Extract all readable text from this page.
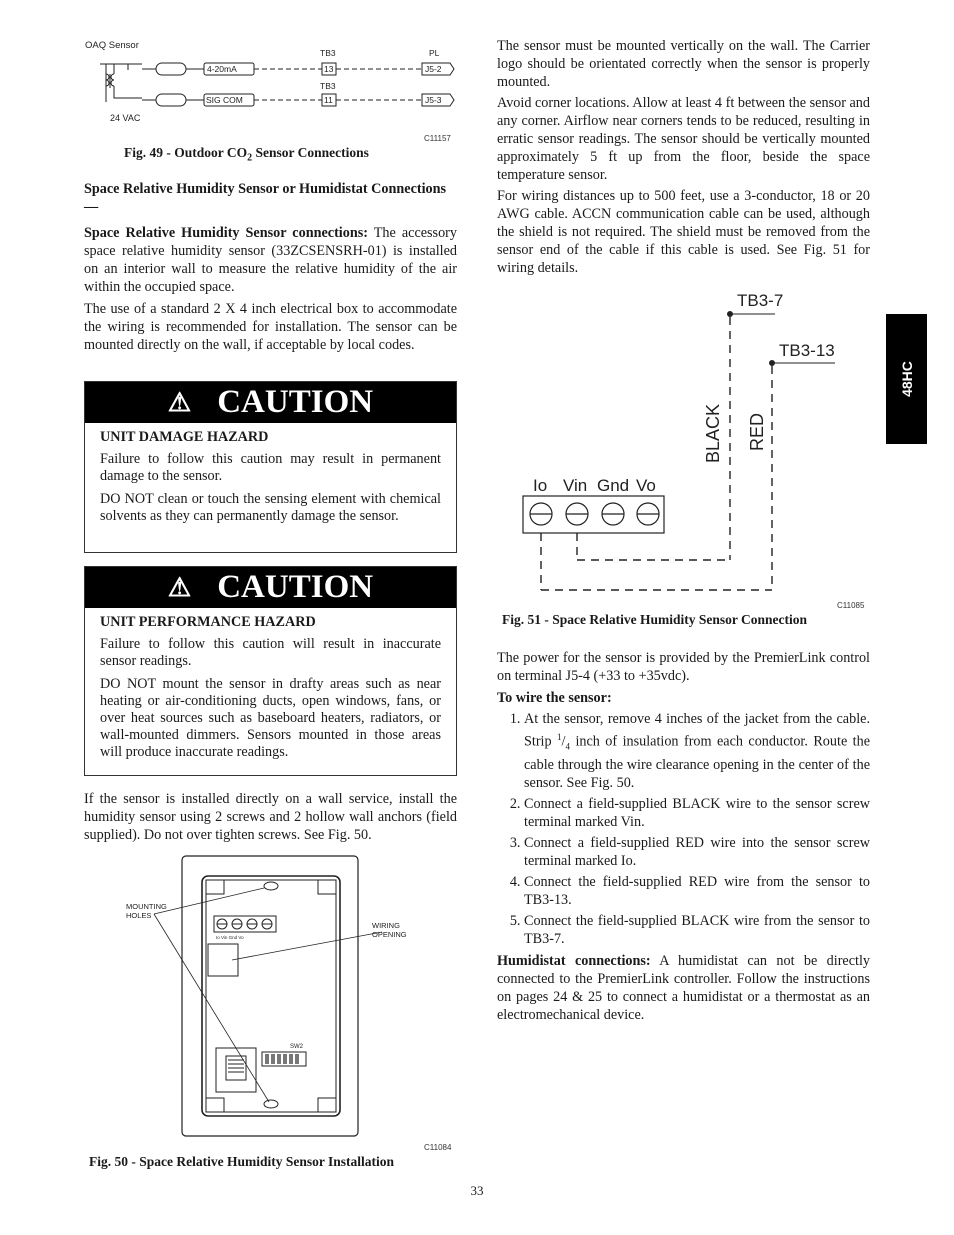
OAQ Sensor
24 VAC
TB3
TB3
PL
4-20mA
SIG COM
13
11
J5-2
J5-3
C11157
Fig. 49 - Outdoor $CO_2$ Sensor Connections

Space Relative Humidity Sensor or Humidistat Connections —

Space Relative Humidity Sensor connections: The accessory space relative humidity sensor (33ZCSENSRH-01) is installed on an interior wall to measure the relative humidity of the air within the occupied space.

The use of a standard 2 X 4 inch electrical box to accommodate the wiring is recommended for installation. The sensor can be mounted directly on the wall, if acceptable by local codes.

⚠ CAUTION
UNIT DAMAGE HAZARD

Failure to follow this caution may result in permanent damage to the sensor.

DO NOT clean or touch the sensing element with chemical solvents as they can permanently damage the sensor.

⚠ CAUTION
UNIT PERFORMANCE HAZARD

Failure to follow this caution will result in inaccurate sensor readings.

DO NOT mount the sensor in drafty areas such as near heating or air-conditioning ducts, open windows, fans, or over heat sources such as baseboard heaters, radiators, or wall-mounted dimmers. Sensors mounted in those areas will produce inaccurate readings.

If the sensor is installed directly on a wall service, install the humidity sensor using 2 screws and 2 hollow wall anchors (field supplied). Do not over tighten screws. See Fig. 50.

Io Vin Gnd Vo
SW2
MOUNTING HOLES
WIRING OPENING
C11084
Fig. 50 - Space Relative Humidity Sensor Installation

The sensor must be mounted vertically on the wall. The Carrier logo should be orientated correctly when the sensor is properly mounted.

Avoid corner locations. Allow at least 4 ft between the sensor and any corner. Airflow near corners tends to be reduced, resulting in erratic sensor readings. The sensor should be vertically mounted approximately 5 ft up from the floor, beside the space temperature sensor.

For wiring distances up to 500 feet, use a 3-conductor, 18 or 20 AWG cable. ACCN communication cable can be used, although the shield is not required. The shield must be removed from the sensor end of the cable if this cable is used. See Fig. 51 for wiring details.

TB3-7
TB3-13
BLACK RED
Io Vin Gnd Vo
C11085
Fig. 51 - Space Relative Humidity Sensor Connection

The power for the sensor is provided by the PremierLink control on terminal J5-4 (+33 to +35vdc).

To wire the sensor:

1. At the sensor, remove 4 inches of the jacket from the cable. Strip $^1/_4$ inch of insulation from each conductor. Route the cable through the wire clearance opening in the center of the sensor. See Fig. 50.
2. Connect a field-supplied BLACK wire to the sensor screw terminal marked Vin.
3. Connect a field-supplied RED wire into the sensor screw terminal marked Io.
4. Connect the field-supplied RED wire from the sensor to TB3-13.
5. Connect the field-supplied BLACK wire from the sensor to TB3-7.

Humidistat connections: A humidistat can not be directly connected to the PremierLink controller. Follow the instructions on pages 24 & 25 to connect a humidistat or a thermostat as an electromechanical device.

48HC
33
